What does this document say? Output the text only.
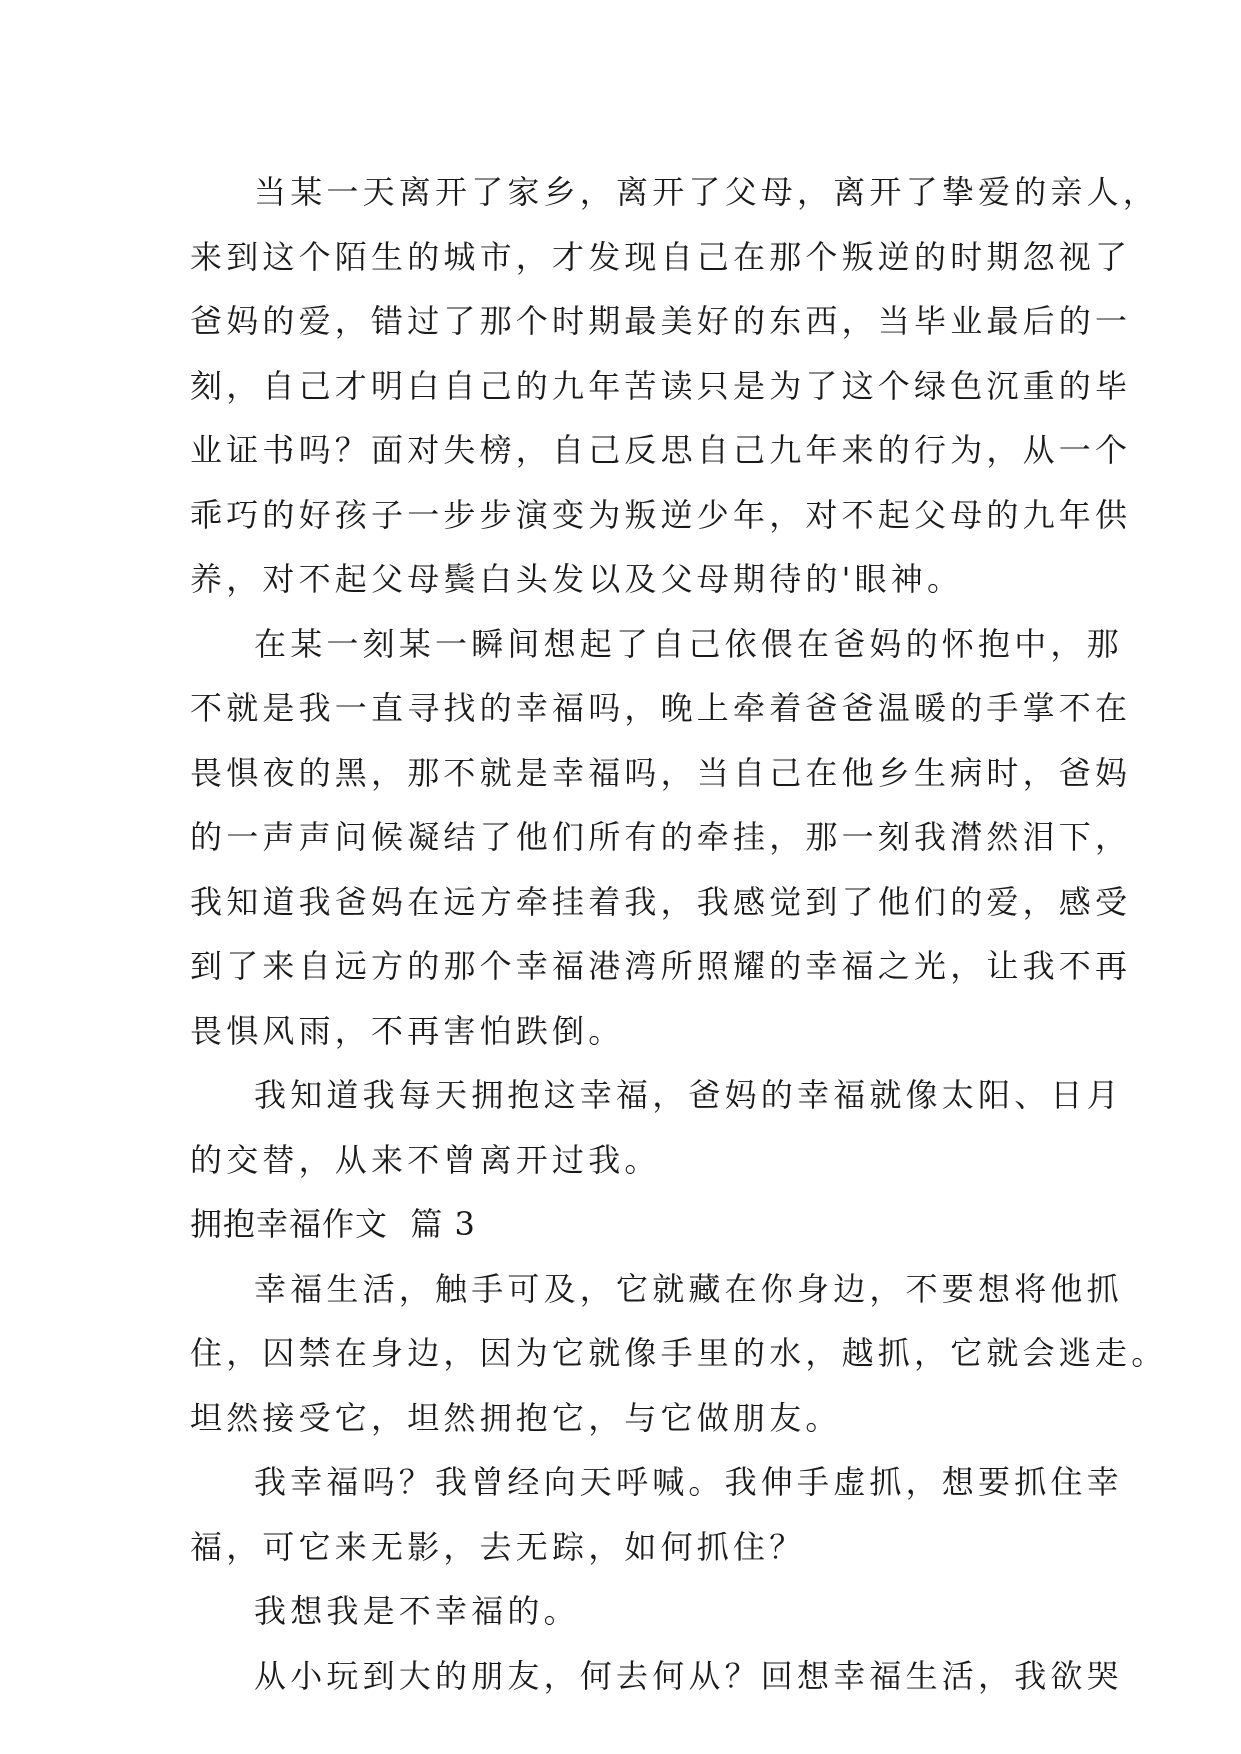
当某一天离开了家乡，离开了父母，离开了挚爱的亲人，
来到这个陌生的城市，才发现自己在那个叛逆的时期忽视了
爸妈的爱，错过了那个时期最美好的东西，当毕业最后的一
刻，自己才明白自己的九年苦读只是为了这个绿色沉重的毕
业证书吗？面对失榜，自己反思自己九年来的行为，从一个
乖巧的好孩子一步步演变为叛逆少年，对不起父母的九年供
养，对不起父母鬓白头发以及父母期待的'眼神。

在某一刻某一瞬间想起了自己依偎在爸妈的怀抱中，那
不就是我一直寻找的幸福吗，晚上牵着爸爸温暖的手掌不在
畏惧夜的黑，那不就是幸福吗，当自己在他乡生病时，爸妈
的一声声问候凝结了他们所有的牵挂，那一刻我潸然泪下，
我知道我爸妈在远方牵挂着我，我感觉到了他们的爱，感受
到了来自远方的那个幸福港湾所照耀的幸福之光，让我不再
畏惧风雨，不再害怕跌倒。

我知道我每天拥抱这幸福，爸妈的幸福就像太阳、日月
的交替，从来不曾离开过我。

拥抱幸福作文  篇 3

幸福生活，触手可及，它就藏在你身边，不要想将他抓
住，囚禁在身边，因为它就像手里的水，越抓，它就会逃走。
坦然接受它，坦然拥抱它，与它做朋友。

我幸福吗？我曾经向天呼喊。我伸手虚抓，想要抓住幸
福，可它来无影，去无踪，如何抓住？

我想我是不幸福的。

从小玩到大的朋友，何去何从？回想幸福生活，我欲哭
